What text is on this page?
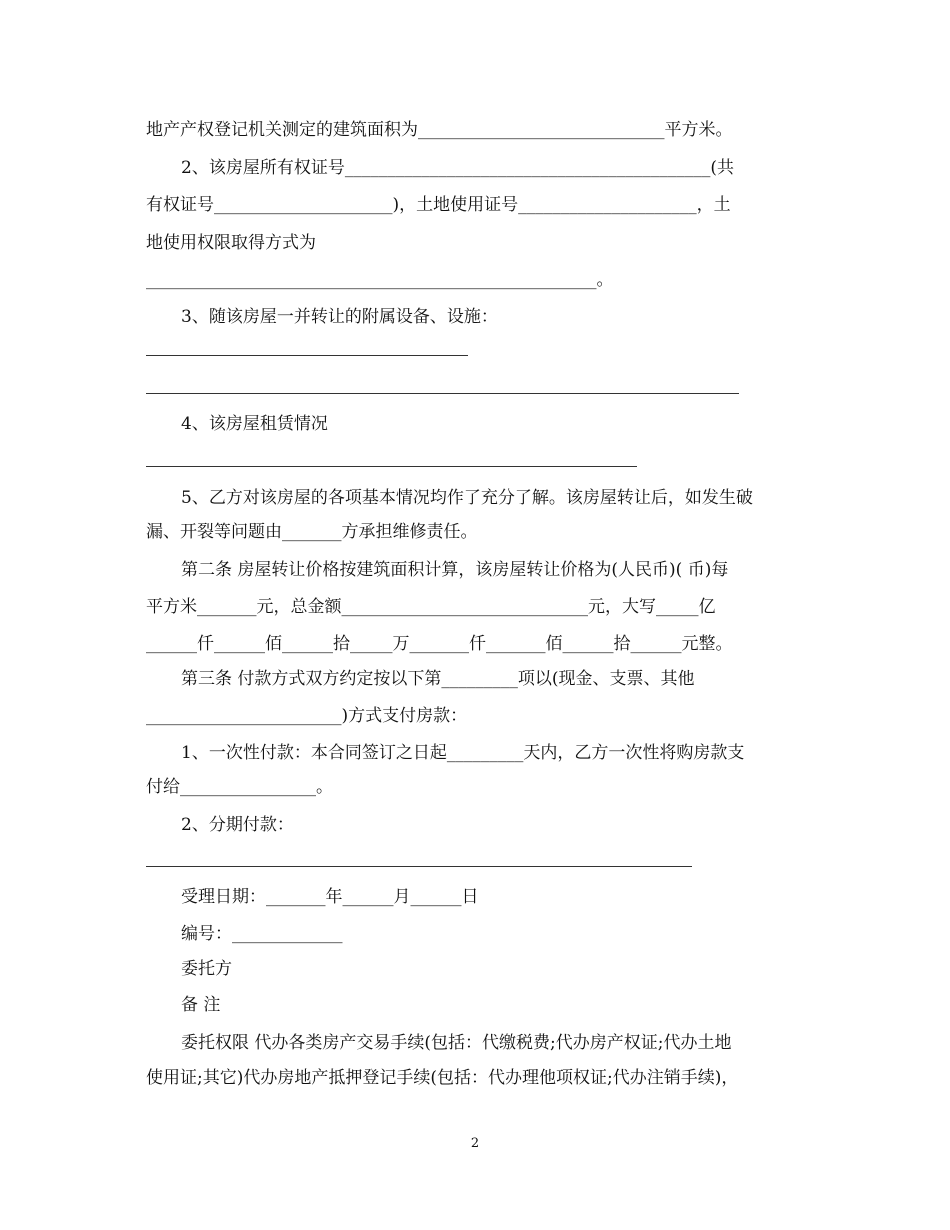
地产产权登记机关测定的建筑面积为_____________________________平方米。
2、该房屋所有权证号___________________________________________(共
有权证号_____________________)，土地使用证号_____________________，土
地使用权限取得方式为
_____________________________________________________。
3、随该房屋一并转让的附属设备、设施：
4、该房屋租赁情况
5、乙方对该房屋的各项基本情况均作了充分了解。该房屋转让后，如发生破
漏、开裂等问题由_______方承担维修责任。
第二条 房屋转让价格按建筑面积计算，该房屋转让价格为(人民币)( 币)每
平方米_______元，总金额_____________________________元，大写_____亿
______仟______佰______拾_____万_______仟_______佰______拾______元整。
第三条 付款方式双方约定按以下第_________项以(现金、支票、其他
_______________________)方式支付房款：
1、一次性付款：本合同签订之日起_________天内，乙方一次性将购房款支
付给________________。
2、分期付款：
受理日期：_______年______月______日
编号：_____________
委托方
备 注
委托权限 代办各类房产交易手续(包括：代缴税费;代办房产权证;代办土地
使用证;其它)代办房地产抵押登记手续(包括：代办理他项权证;代办注销手续)，
2
